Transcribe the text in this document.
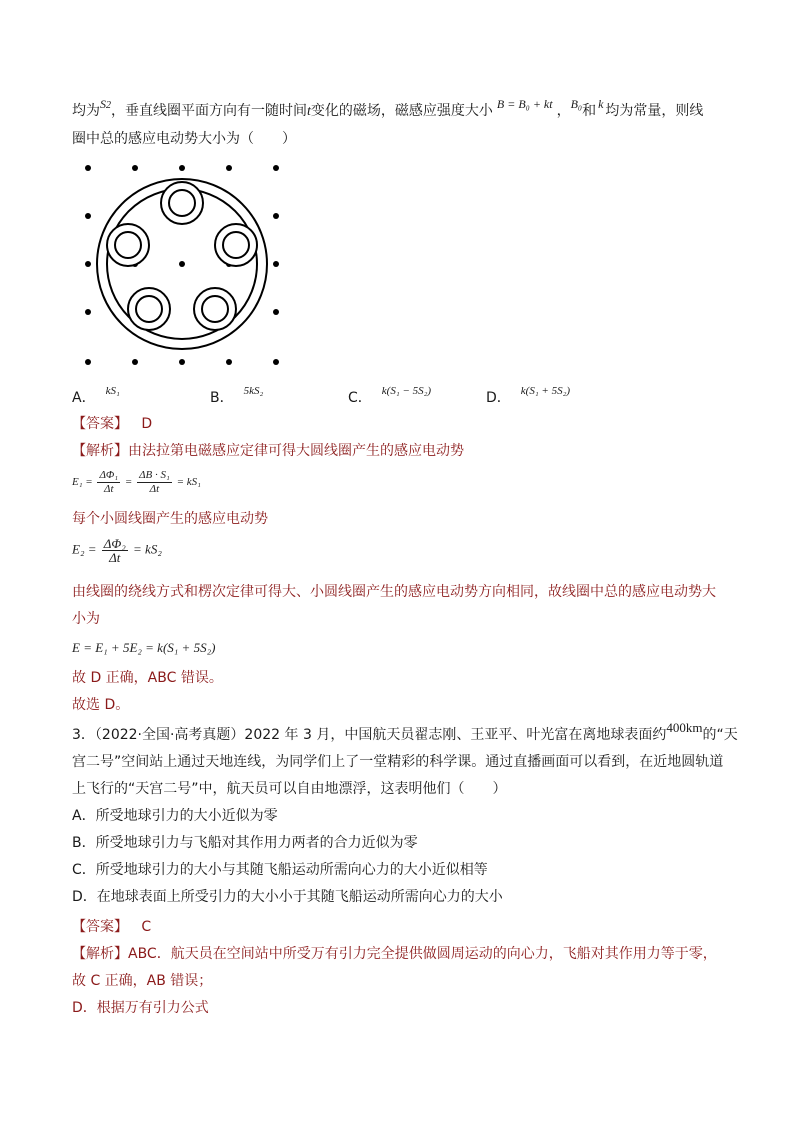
均为S2，垂直线圈平面方向有一随时间t变化的磁场，磁感应强度大小 B = B₀ + kt ，B₀和 k 均为常量，则线
圈中总的感应电动势大小为（　　）
A． $^{kS_1}$	B． $^{5kS_2}$	C． $^{k(S_1 - 5S_2)}$	D． $^{k(S_1 + 5S_2)}$
【答案】 D
【解析】由法拉第电磁感应定律可得大圆线圈产生的感应电动势
$E_1 = \frac{\text{ΔΦ₁}}{\Delta t} = \frac{\text{ΔB · S₁}}{\Delta t} = kS_1$
每个小圆线圈产生的感应电动势
$E_2 = \frac{\text{ΔΦ₂}}{\Delta t} = kS_2$
由线圈的绕线方式和楞次定律可得大、小圆线圈产生的感应电动势方向相同，故线圈中总的感应电动势大
小为
E = E₁ + 5E₂ = k(S₁ + 5S₂)
故 D 正确，ABC 错误。
故选 D。
3．（2022·全国·高考真题）2022 年 3 月，中国航天员翟志刚、王亚平、叶光富在离地球表面约400km的“天
宫二号”空间站上通过天地连线，为同学们上了一堂精彩的科学课。通过直播画面可以看到，在近地圆轨道
上飞行的“天宫二号”中，航天员可以自由地漂浮，这表明他们（　　）
A．所受地球引力的大小近似为零
B．所受地球引力与飞船对其作用力两者的合力近似为零
C．所受地球引力的大小与其随飞船运动所需向心力的大小近似相等
D．在地球表面上所受引力的大小小于其随飞船运动所需向心力的大小
【答案】 C
【解析】ABC．航天员在空间站中所受万有引力完全提供做圆周运动的向心力，飞船对其作用力等于零，
故 C 正确，AB 错误；
D．根据万有引力公式
